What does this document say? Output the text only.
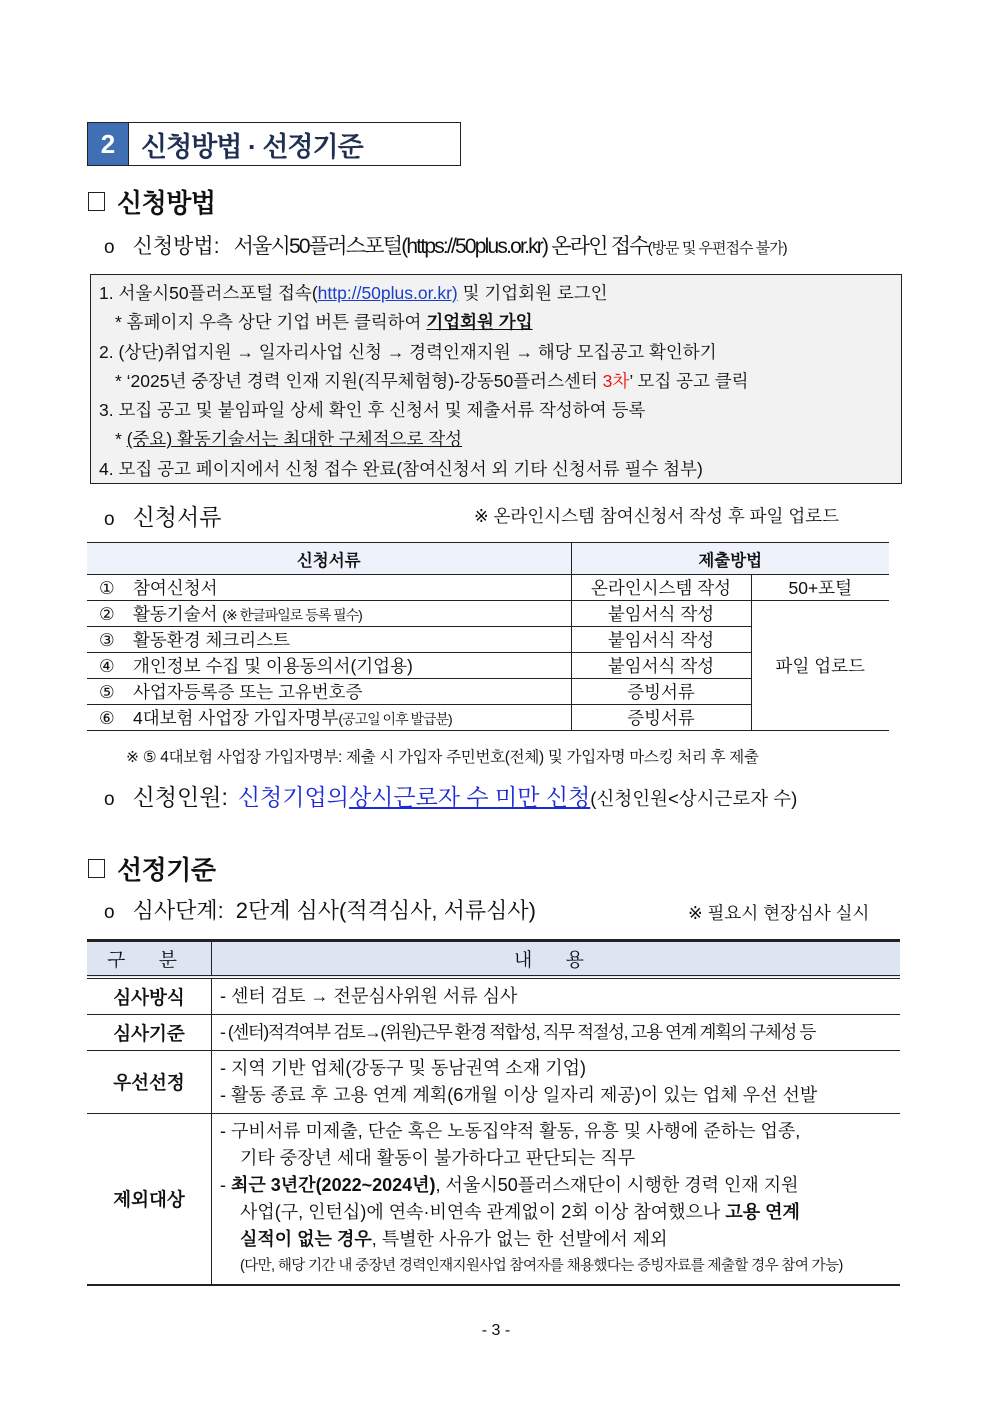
2 신청방법 · 선정기준
신청방법
o 신청방법: 서울시50플러스포털(https://50plus.or.kr) 온라인 접수 (방문 및 우편접수 불가)
1. 서울시50플러스포털 접속(http://50plus.or.kr) 및 기업회원 로그인
* 홈페이지 우측 상단 기업 버튼 클릭하여 기업회원 가입
2. (상단)취업지원 → 일자리사업 신청 → 경력인재지원 → 해당 모집공고 확인하기
* ‘2025년 중장년 경력 인재 지원(직무체험형)-강동50플러스센터 3차’ 모집 공고 클릭
3. 모집 공고 및 붙임파일 상세 확인 후 신청서 및 제출서류 작성하여 등록
* (중요) 활동기술서는 최대한 구체적으로 작성
4. 모집 공고 페이지에서 신청 접수 완료(참여신청서 외 기타 신청서류 필수 첨부)
o 신청서류	※ 온라인시스템 참여신청서 작성 후 파일 업로드
신청서류	제출방법	
① 참여신청서	온라인시스템 작성	50+포털
② 활동기술서 (※ 한글파일로 등록 필수)	붙임서식 작성	파일 업로드
③ 활동환경 체크리스트	붙임서식 작성	
④ 개인정보 수집 및 이용동의서(기업용)	붙임서식 작성	
⑤ 사업자등록증 또는 고유번호증	증빙서류	
⑥ 4대보험 사업장 가입자명부(공고일 이후 발급분)	증빙서류	
※ ⑤ 4대보험 사업장 가입자명부: 제출 시 가입자 주민번호(전체) 및 가입자명 마스킹 처리 후 제출
o 신청인원: 신청기업의 상시근로자 수 미만 신청 (신청인원<상시근로자 수)
선정기준
o 심사단계: 2단계 심사(적격심사, 서류심사)	※ 필요시 현장심사 실시
구 분	내 용
심사방식	- 센터 검토 → 전문심사위원 서류 심사

심사기준	- (센터)적격여부 검토→(위원)근무 환경 적합성, 직무 적절성, 고용 연계 계획의 구체성 등

우선선정	- 지역 기반 업체(강동구 및 동남권역 소재 기업)
- 활동 종료 후 고용 연계 계획(6개월 이상 일자리 제공)이 있는 업체 우선 선발

제외대상	
- 구비서류 미제출, 단순 혹은 노동집약적 활동, 유흥 및 사행에 준하는 업종,
기타 중장년 세대 활동이 불가하다고 판단되는 직무
- 최근 3년간(2022~2024년), 서울시50플러스재단이 시행한 경력 인재 지원
사업(구, 인턴십)에 연속·비연속 관계없이 2회 이상 참여했으나 고용 연계
실적이 없는 경우, 특별한 사유가 없는 한 선발에서 제외
(다만, 해당 기간 내 중장년 경력인재지원사업 참여자를 채용했다는 증빙자료를 제출할 경우 참여 가능)
- 3 -
